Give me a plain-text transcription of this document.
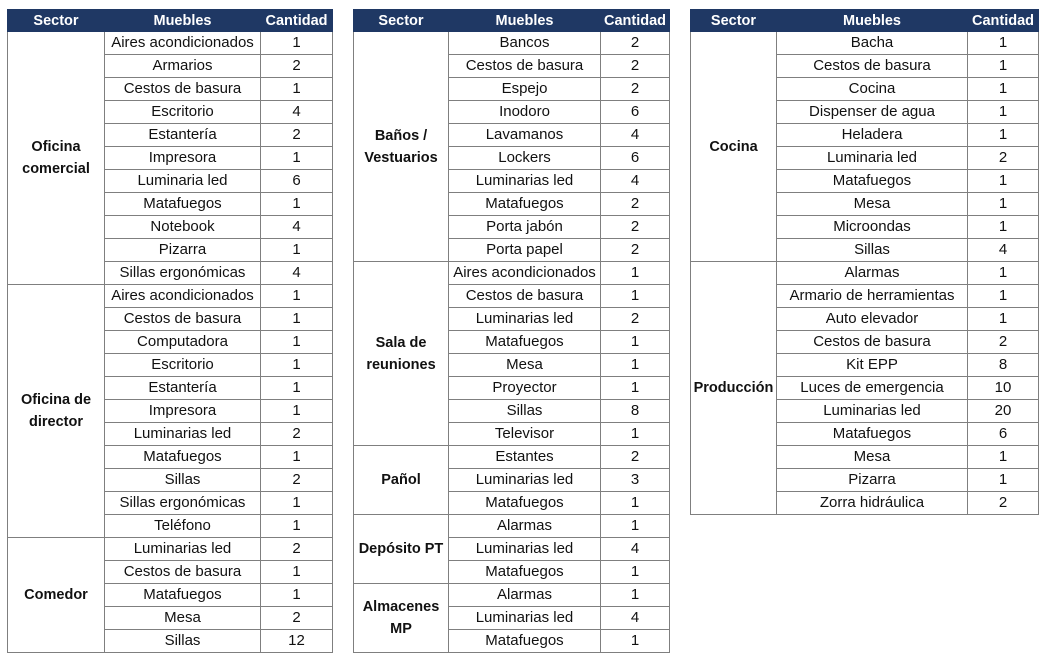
Sector	Muebles	Cantidad
Oficina comercial	Aires acondicionados	1
	Armarios	2
	Cestos de basura	1
	Escritorio	4
	Estantería	2
	Impresora	1
	Luminaria led	6
	Matafuegos	1
	Notebook	4
	Pizarra	1
	Sillas ergonómicas	4
Oficina de director	Aires acondicionados	1
	Cestos de basura	1
	Computadora	1
	Escritorio	1
	Estantería	1
	Impresora	1
	Luminarias led	2
	Matafuegos	1
	Sillas	2
	Sillas ergonómicas	1
	Teléfono	1
Comedor	Luminarias led	2
	Cestos de basura	1
	Matafuegos	1
	Mesa	2
	Sillas	12
Sector	Muebles	Cantidad
Baños / Vestuarios	Bancos	2
	Cestos de basura	2
	Espejo	2
	Inodoro	6
	Lavamanos	4
	Lockers	6
	Luminarias led	4
	Matafuegos	2
	Porta jabón	2
	Porta papel	2
Sala de reuniones	Aires acondicionados	1
	Cestos de basura	1
	Luminarias led	2
	Matafuegos	1
	Mesa	1
	Proyector	1
	Sillas	8
	Televisor	1
Pañol	Estantes	2
	Luminarias led	3
	Matafuegos	1
Depósito PT	Alarmas	1
	Luminarias led	4
	Matafuegos	1
Almacenes MP	Alarmas	1
	Luminarias led	4
	Matafuegos	1
Sector	Muebles	Cantidad
Cocina	Bacha	1
	Cestos de basura	1
	Cocina	1
	Dispenser de agua	1
	Heladera	1
	Luminaria led	2
	Matafuegos	1
	Mesa	1
	Microondas	1
	Sillas	4
Producción	Alarmas	1
	Armario de herramientas	1
	Auto elevador	1
	Cestos de basura	2
	Kit EPP	8
	Luces de emergencia	10
	Luminarias led	20
	Matafuegos	6
	Mesa	1
	Pizarra	1
	Zorra hidráulica	2
